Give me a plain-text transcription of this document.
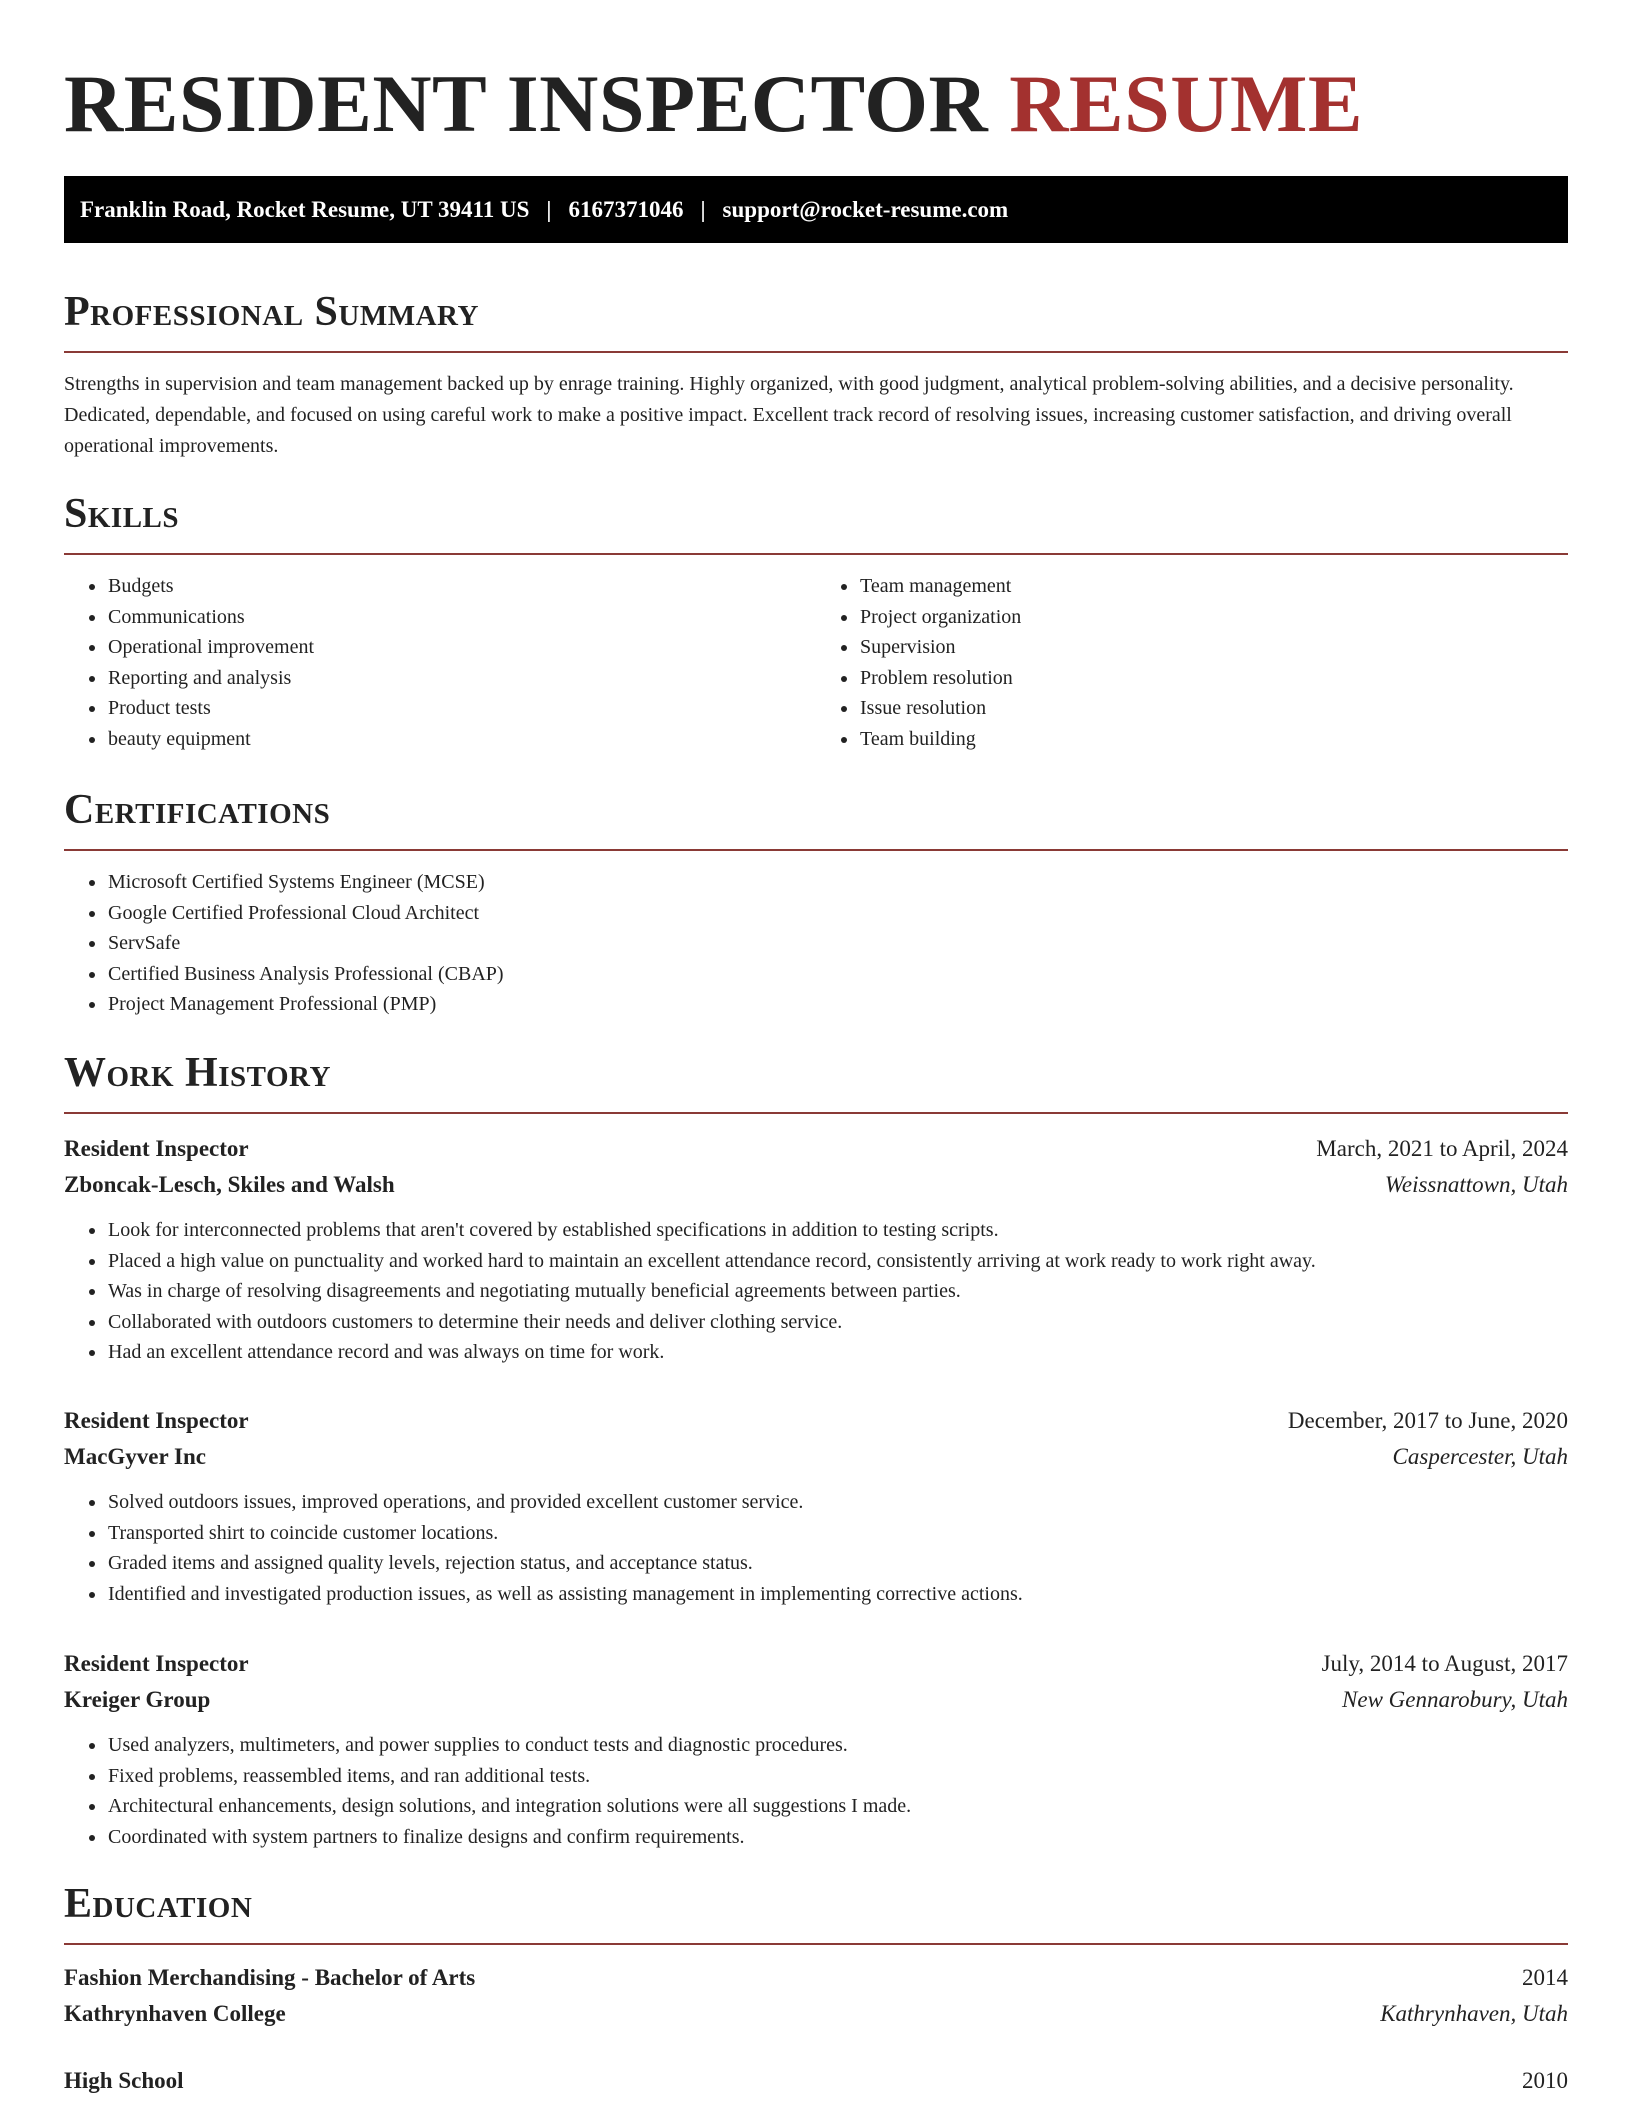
RESIDENT INSPECTOR RESUME
Franklin Road, Rocket Resume, UT 39411 US | 6167371046 | support@rocket-resume.com
Professional Summary

Strengths in supervision and team management backed up by enrage training. Highly organized, with good judgment, analytical problem-solving abilities, and a decisive personality. Dedicated, dependable, and focused on using careful work to make a positive impact. Excellent track record of resolving issues, increasing customer satisfaction, and driving overall operational improvements.

Skills
• Budgets
• Communications
• Operational improvement
• Reporting and analysis
• Product tests
• beauty equipment
• Team management
• Project organization
• Supervision
• Problem resolution
• Issue resolution
• Team building
Certifications
• Microsoft Certified Systems Engineer (MCSE)
• Google Certified Professional Cloud Architect
• ServSafe
• Certified Business Analysis Professional (CBAP)
• Project Management Professional (PMP)
Work History
Resident Inspector	March, 2021 to April, 2024
Zboncak-Lesch, Skiles and Walsh	Weissnattown, Utah
• Look for interconnected problems that aren't covered by established specifications in addition to testing scripts.
• Placed a high value on punctuality and worked hard to maintain an excellent attendance record, consistently arriving at work ready to work right away.
• Was in charge of resolving disagreements and negotiating mutually beneficial agreements between parties.
• Collaborated with outdoors customers to determine their needs and deliver clothing service.
• Had an excellent attendance record and was always on time for work.
Resident Inspector	December, 2017 to June, 2020
MacGyver Inc	Caspercester, Utah
• Solved outdoors issues, improved operations, and provided excellent customer service.
• Transported shirt to coincide customer locations.
• Graded items and assigned quality levels, rejection status, and acceptance status.
• Identified and investigated production issues, as well as assisting management in implementing corrective actions.
Resident Inspector	July, 2014 to August, 2017
Kreiger Group	New Gennarobury, Utah
• Used analyzers, multimeters, and power supplies to conduct tests and diagnostic procedures.
• Fixed problems, reassembled items, and ran additional tests.
• Architectural enhancements, design solutions, and integration solutions were all suggestions I made.
• Coordinated with system partners to finalize designs and confirm requirements.
Education
Fashion Merchandising - Bachelor of Arts	2014
Kathrynhaven College	Kathrynhaven, Utah
High School	2010
